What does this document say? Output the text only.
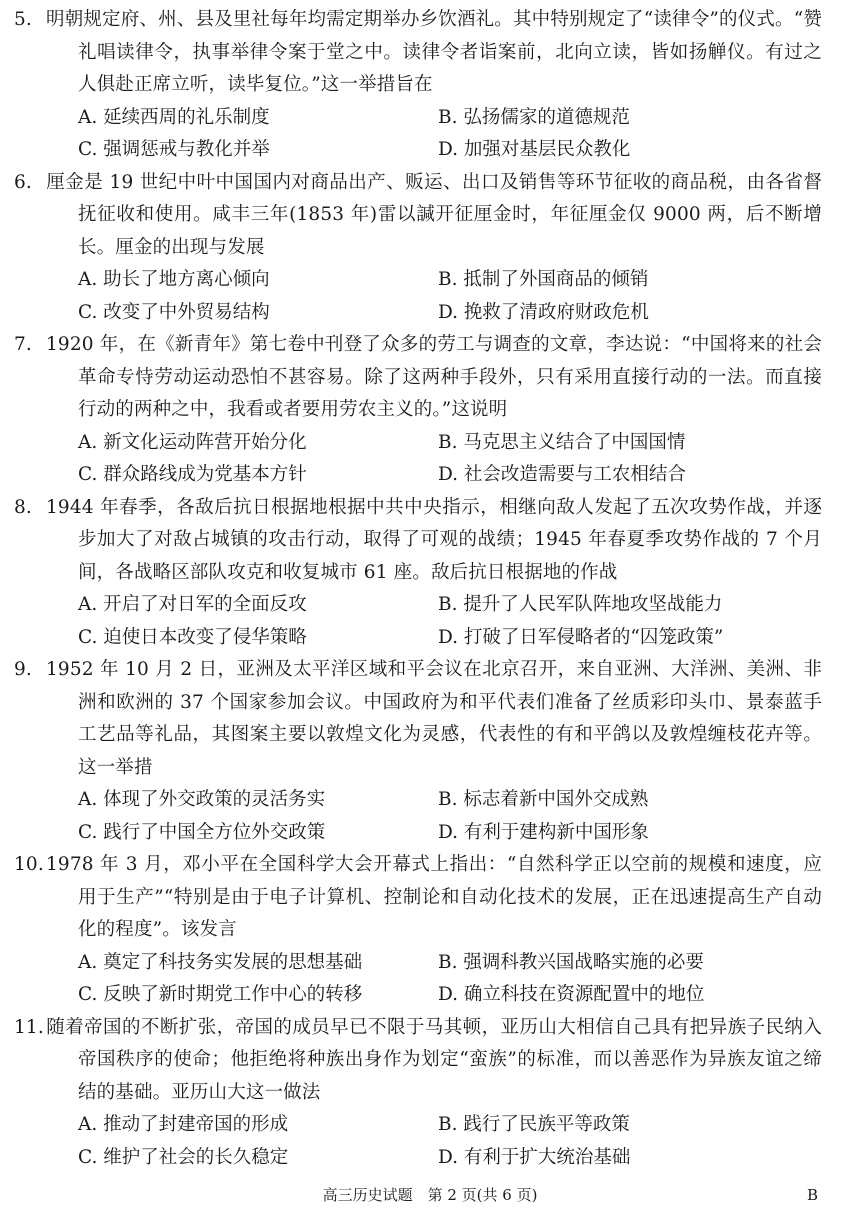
5. 明朝规定府、州、县及里社每年均需定期举办乡饮酒礼。其中特别规定了“读律令”的仪式。“赞礼唱读律令，执事举律令案于堂之中。读律令者诣案前，北向立读，皆如扬觯仪。有过之人俱赴正席立听，读毕复位。”这一举措旨在

A. 延续西周的礼乐制度	B. 弘扬儒家的道德规范
C. 强调惩戒与教化并举	D. 加强对基层民众教化

6. 厘金是 19 世纪中叶中国国内对商品出产、贩运、出口及销售等环节征收的商品税，由各省督抚征收和使用。咸丰三年(1853 年)雷以諴开征厘金时，年征厘金仅 9000 两，后不断增长。厘金的出现与发展

A. 助长了地方离心倾向	B. 抵制了外国商品的倾销
C. 改变了中外贸易结构	D. 挽救了清政府财政危机

7. 1920 年，在《新青年》第七卷中刊登了众多的劳工与调查的文章，李达说：“中国将来的社会革命专恃劳动运动恐怕不甚容易。除了这两种手段外，只有采用直接行动的一法。而直接行动的两种之中，我看或者要用劳农主义的。”这说明

A. 新文化运动阵营开始分化	B. 马克思主义结合了中国国情
C. 群众路线成为党基本方针	D. 社会改造需要与工农相结合

8. 1944 年春季，各敌后抗日根据地根据中共中央指示，相继向敌人发起了五次攻势作战，并逐步加大了对敌占城镇的攻击行动，取得了可观的战绩；1945 年春夏季攻势作战的 7 个月间，各战略区部队攻克和收复城市 61 座。敌后抗日根据地的作战

A. 开启了对日军的全面反攻	B. 提升了人民军队阵地攻坚战能力
C. 迫使日本改变了侵华策略	D. 打破了日军侵略者的“囚笼政策”

9. 1952 年 10 月 2 日，亚洲及太平洋区域和平会议在北京召开，来自亚洲、大洋洲、美洲、非洲和欧洲的 37 个国家参加会议。中国政府为和平代表们准备了丝质彩印头巾、景泰蓝手工艺品等礼品，其图案主要以敦煌文化为灵感，代表性的有和平鸽以及敦煌缠枝花卉等。这一举措

A. 体现了外交政策的灵活务实	B. 标志着新中国外交成熟
C. 践行了中国全方位外交政策	D. 有利于建构新中国形象

10. 1978 年 3 月，邓小平在全国科学大会开幕式上指出：“自然科学正以空前的规模和速度，应用于生产”“特别是由于电子计算机、控制论和自动化技术的发展，正在迅速提高生产自动化的程度”。该发言

A. 奠定了科技务实发展的思想基础	B. 强调科教兴国战略实施的必要
C. 反映了新时期党工作中心的转移	D. 确立科技在资源配置中的地位

11. 随着帝国的不断扩张，帝国的成员早已不限于马其顿，亚历山大相信自己具有把异族子民纳入帝国秩序的使命；他拒绝将种族出身作为划定“蛮族”的标准，而以善恶作为异族友谊之缔结的基础。亚历山大这一做法

A. 推动了封建帝国的形成	B. 践行了民族平等政策
C. 维护了社会的长久稳定	D. 有利于扩大统治基础
高三历史试题　第 2 页(共 6 页)	B
